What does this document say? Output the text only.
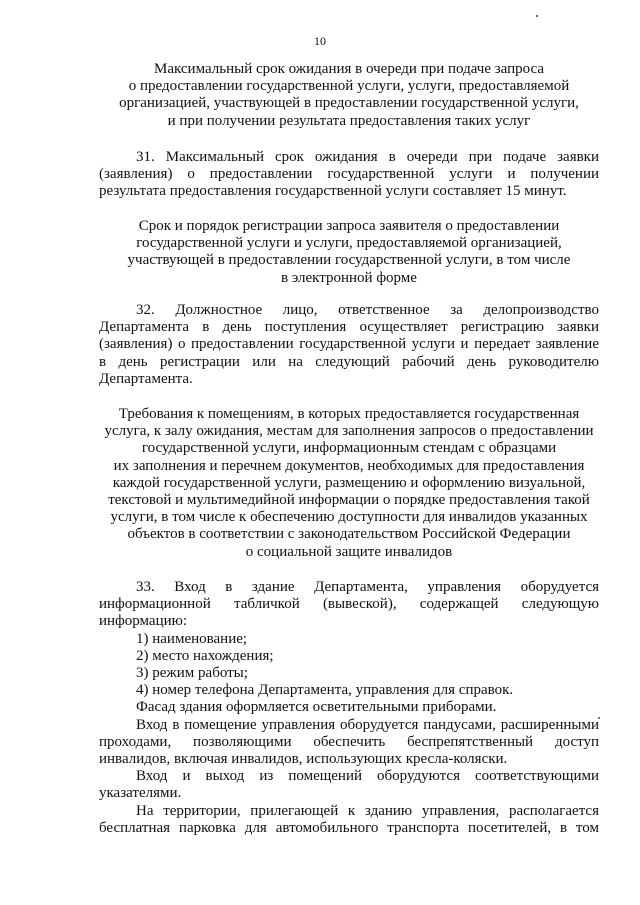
10
Максимальный срок ожидания в очереди при подаче запроса
о предоставлении государственной услуги, услуги, предоставляемой
организацией, участвующей в предоставлении государственной услуги,
и при получении результата предоставления таких услуг
31. Максимальный срок ожидания в очереди при подаче заявки
(заявления) о предоставлении государственной услуги и получении
результата предоставления государственной услуги составляет 15 минут.
Срок и порядок регистрации запроса заявителя о предоставлении
государственной услуги и услуги, предоставляемой организацией,
участвующей в предоставлении государственной услуги, в том числе
в электронной форме
32. Должностное лицо, ответственное за делопроизводство
Департамента в день поступления осуществляет регистрацию заявки
(заявления) о предоставлении государственной услуги и передает заявление
в день регистрации или на следующий рабочий день руководителю
Департамента.
Требования к помещениям, в которых предоставляется государственная
услуга, к залу ожидания, местам для заполнения запросов о предоставлении
государственной услуги, информационным стендам с образцами
их заполнения и перечнем документов, необходимых для предоставления
каждой государственной услуги, размещению и оформлению визуальной,
текстовой и мультимедийной информации о порядке предоставления такой
услуги, в том числе к обеспечению доступности для инвалидов указанных
объектов в соответствии с законодательством Российской Федерации
о социальной защите инвалидов
33. Вход в здание Департамента, управления оборудуется
информационной табличкой (вывеской), содержащей следующую
информацию:
1) наименование;
2) место нахождения;
3) режим работы;
4) номер телефона Департамента, управления для справок.
Фасад здания оформляется осветительными приборами.
Вход в помещение управления оборудуется пандусами, расширенными
проходами, позволяющими обеспечить беспрепятственный доступ
инвалидов, включая инвалидов, использующих кресла-коляски.
Вход и выход из помещений оборудуются соответствующими
указателями.
На территории, прилегающей к зданию управления, располагается
бесплатная парковка для автомобильного транспорта посетителей, в том
